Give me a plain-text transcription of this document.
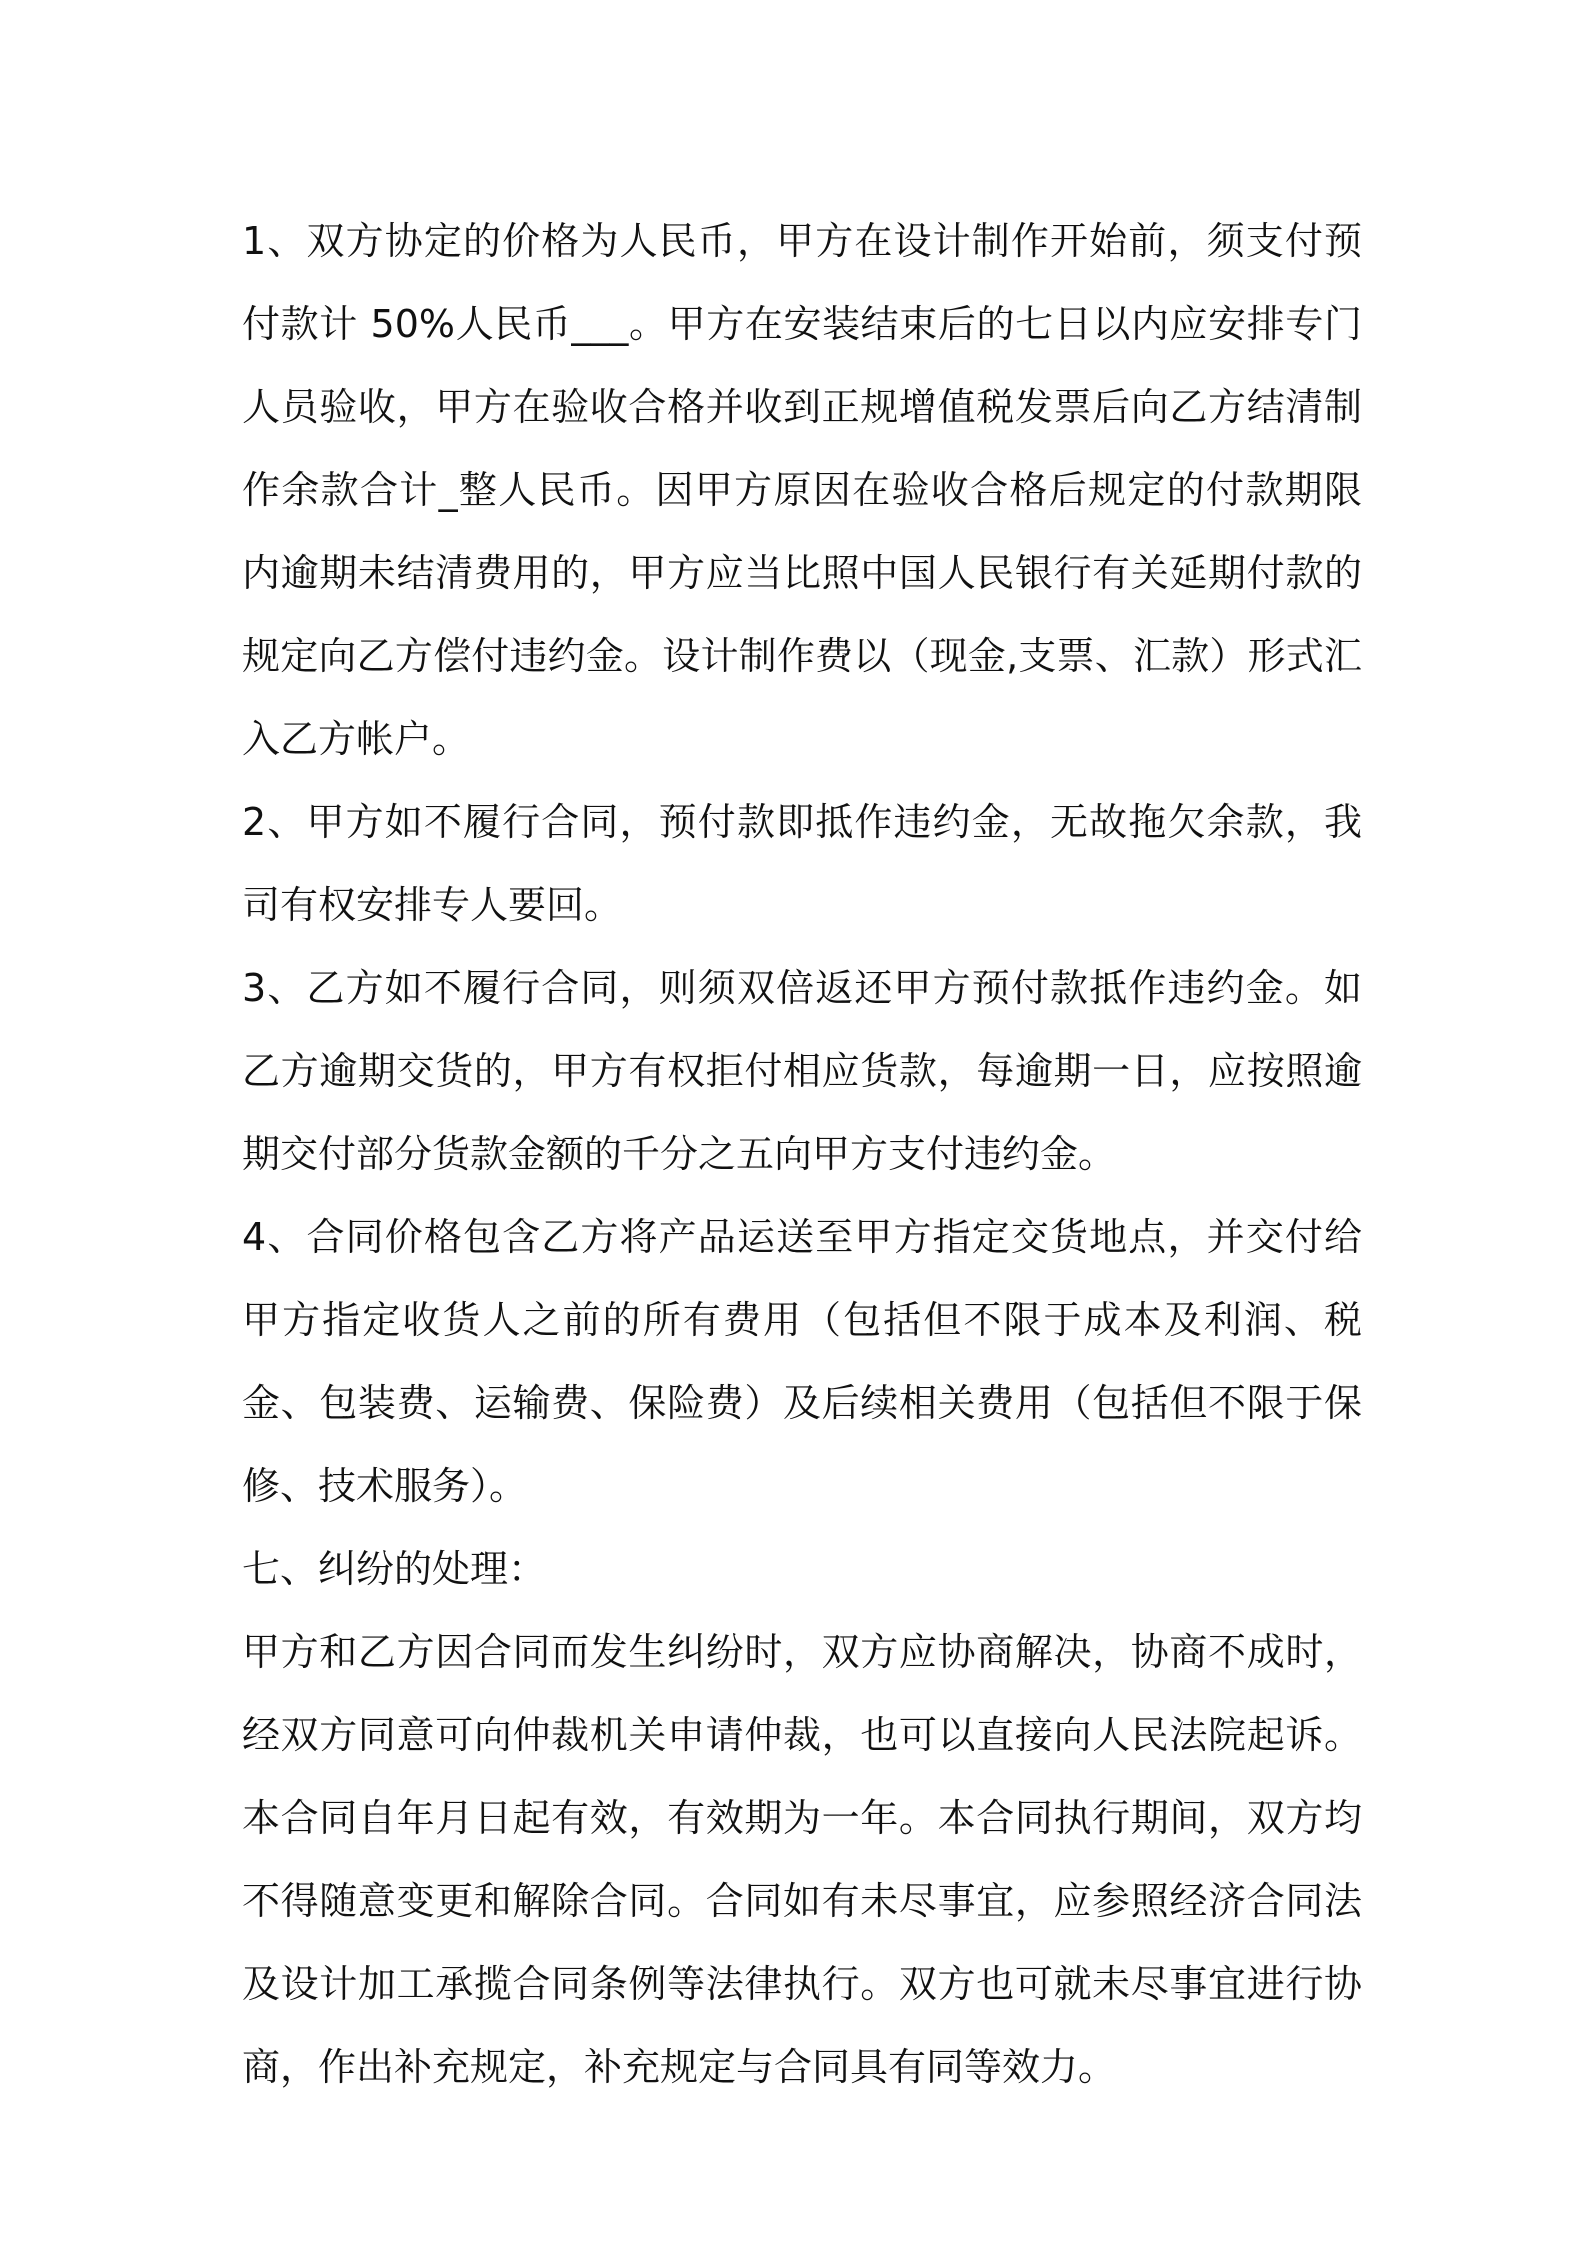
1、双方协定的价格为人民币，甲方在设计制作开始前，须支付预付款计 50%人民币___。甲方在安装结束后的七日以内应安排专门人员验收，甲方在验收合格并收到正规增值税发票后向乙方结清制作余款合计_整人民币。因甲方原因在验收合格后规定的付款期限内逾期未结清费用的，甲方应当比照中国人民银行有关延期付款的规定向乙方偿付违约金。设计制作费以（现金,支票、汇款）形式汇入乙方帐户。

2、甲方如不履行合同，预付款即抵作违约金，无故拖欠余款，我司有权安排专人要回。

3、乙方如不履行合同，则须双倍返还甲方预付款抵作违约金。如乙方逾期交货的，甲方有权拒付相应货款，每逾期一日，应按照逾期交付部分货款金额的千分之五向甲方支付违约金。

4、合同价格包含乙方将产品运送至甲方指定交货地点，并交付给甲方指定收货人之前的所有费用（包括但不限于成本及利润、税金、包装费、运输费、保险费）及后续相关费用（包括但不限于保修、技术服务）。

七、纠纷的处理：

甲方和乙方因合同而发生纠纷时，双方应协商解决，协商不成时，经双方同意可向仲裁机关申请仲裁，也可以直接向人民法院起诉。本合同自年月日起有效，有效期为一年。本合同执行期间，双方均不得随意变更和解除合同。合同如有未尽事宜，应参照经济合同法及设计加工承揽合同条例等法律执行。双方也可就未尽事宜进行协商，作出补充规定，补充规定与合同具有同等效力。
